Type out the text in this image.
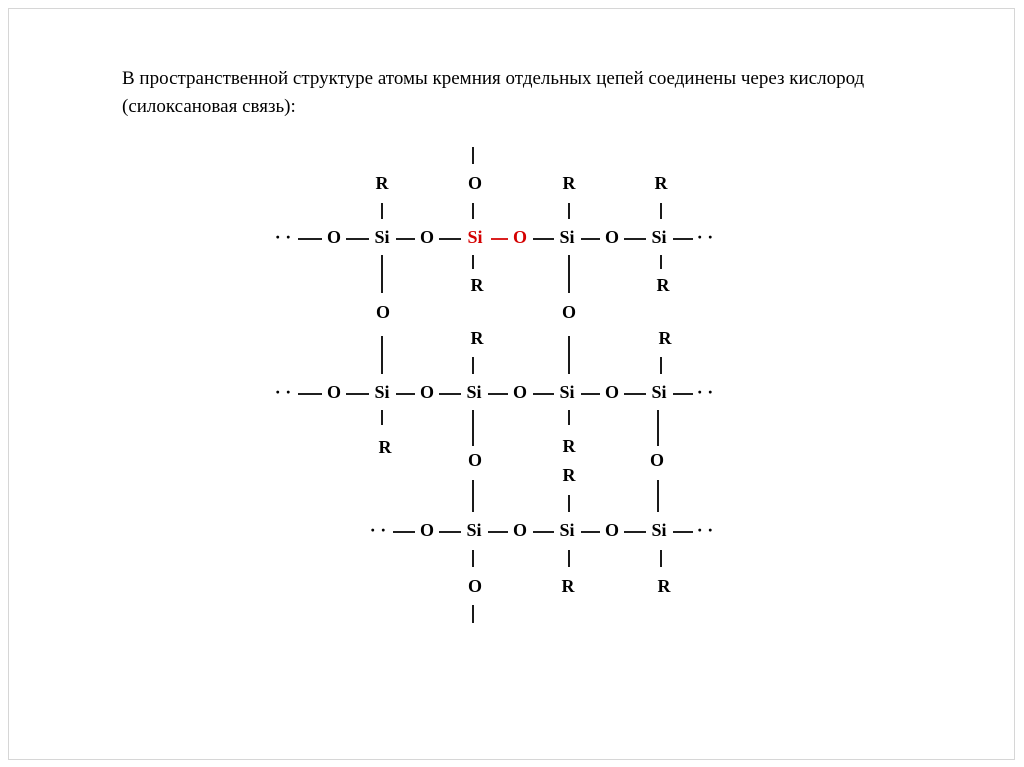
В пространственной структуре атомы кремния отдельных цепей соединены через кислород (силоксановая связь):

· · O Si O Si O Si O Si · ·
O
R	R	R
O
R
R
O
R
R
· · O Si O Si O Si O Si · ·
R
O
R
R
O
· · O Si O Si O Si · ·
O	R	R
